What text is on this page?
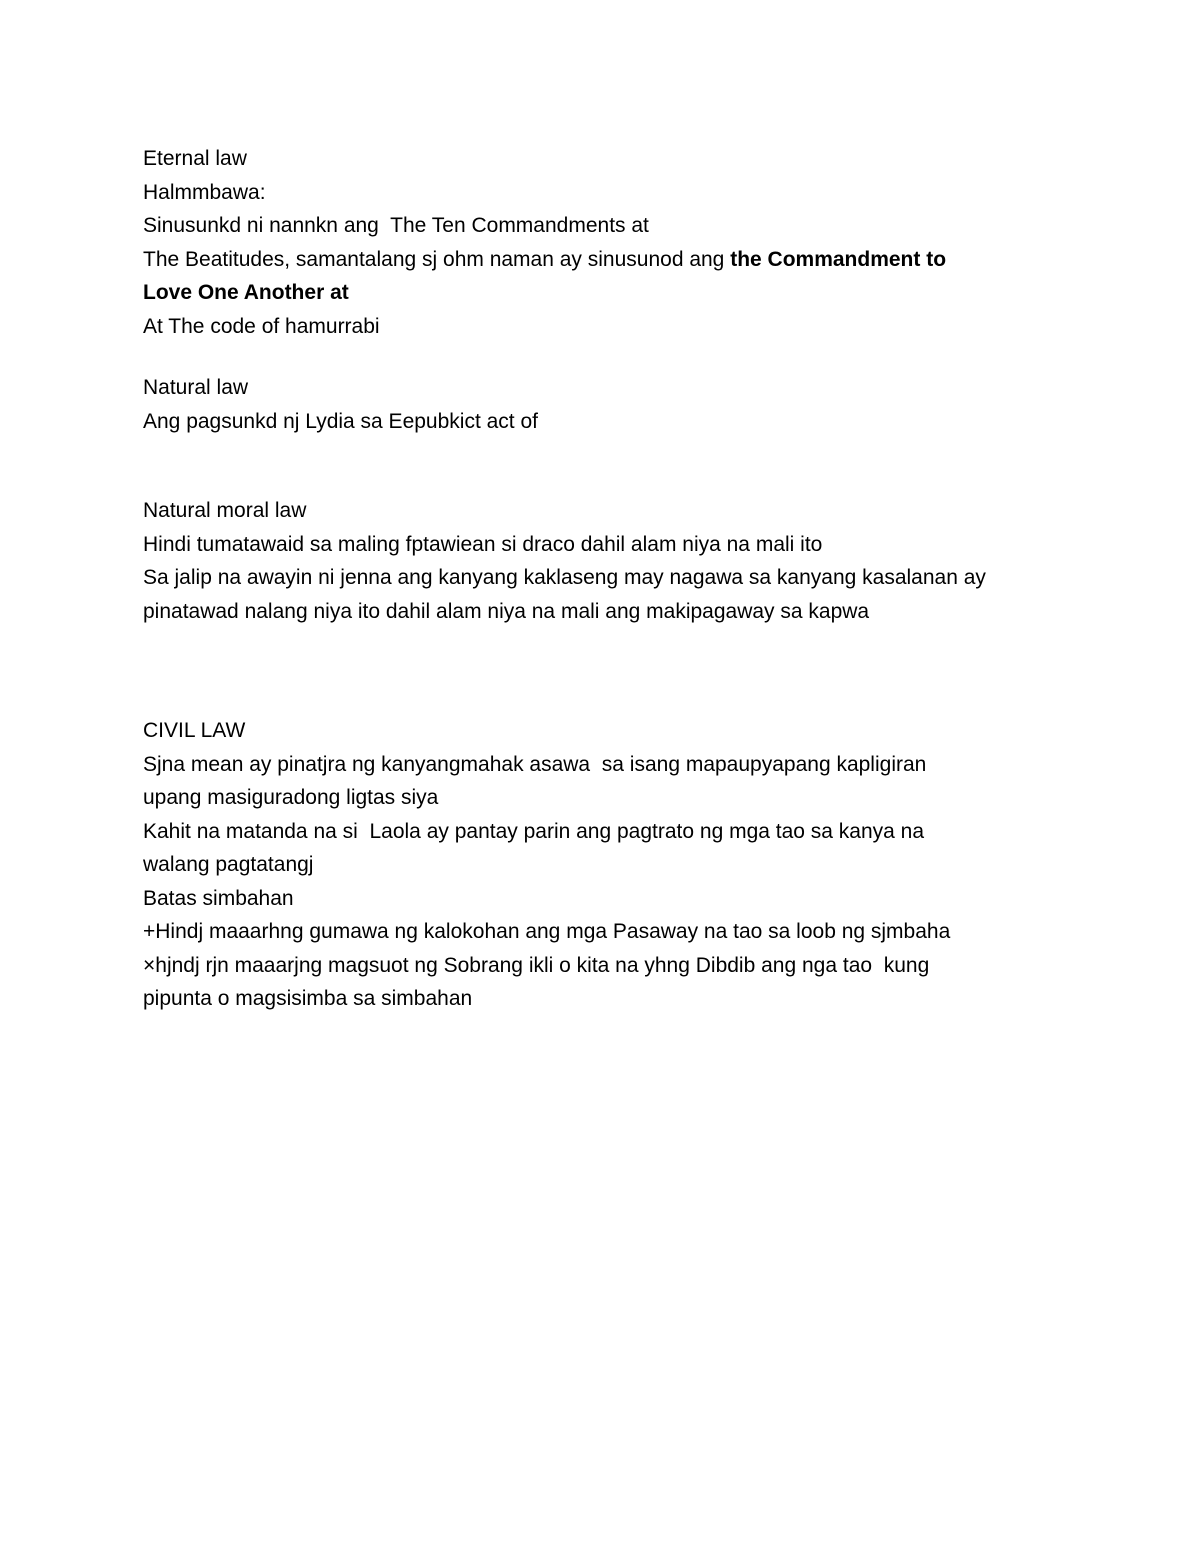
Eternal law

Halmmbawa:

Sinusunkd ni nannkn ang  The Ten Commandments at

The Beatitudes, samantalang sj ohm naman ay sinusunod ang the Commandment to

Love One Another at

At The code of hamurrabi

Natural law

Ang pagsunkd nj Lydia sa Eepubkict act of

Natural moral law

Hindi tumatawaid sa maling fptawiean si draco dahil alam niya na mali ito

Sa jalip na awayin ni jenna ang kanyang kaklaseng may nagawa sa kanyang kasalanan ay

pinatawad nalang niya ito dahil alam niya na mali ang makipagaway sa kapwa

CIVIL LAW

Sjna mean ay pinatjra ng kanyangmahak asawa  sa isang mapaupyapang kapligiran

upang masiguradong ligtas siya

Kahit na matanda na si  Laola ay pantay parin ang pagtrato ng mga tao sa kanya na

walang pagtatangj

Batas simbahan

+Hindj maaarhng gumawa ng kalokohan ang mga Pasaway na tao sa loob ng sjmbaha

×hjndj rjn maaarjng magsuot ng Sobrang ikli o kita na yhng Dibdib ang nga tao  kung

pipunta o magsisimba sa simbahan
